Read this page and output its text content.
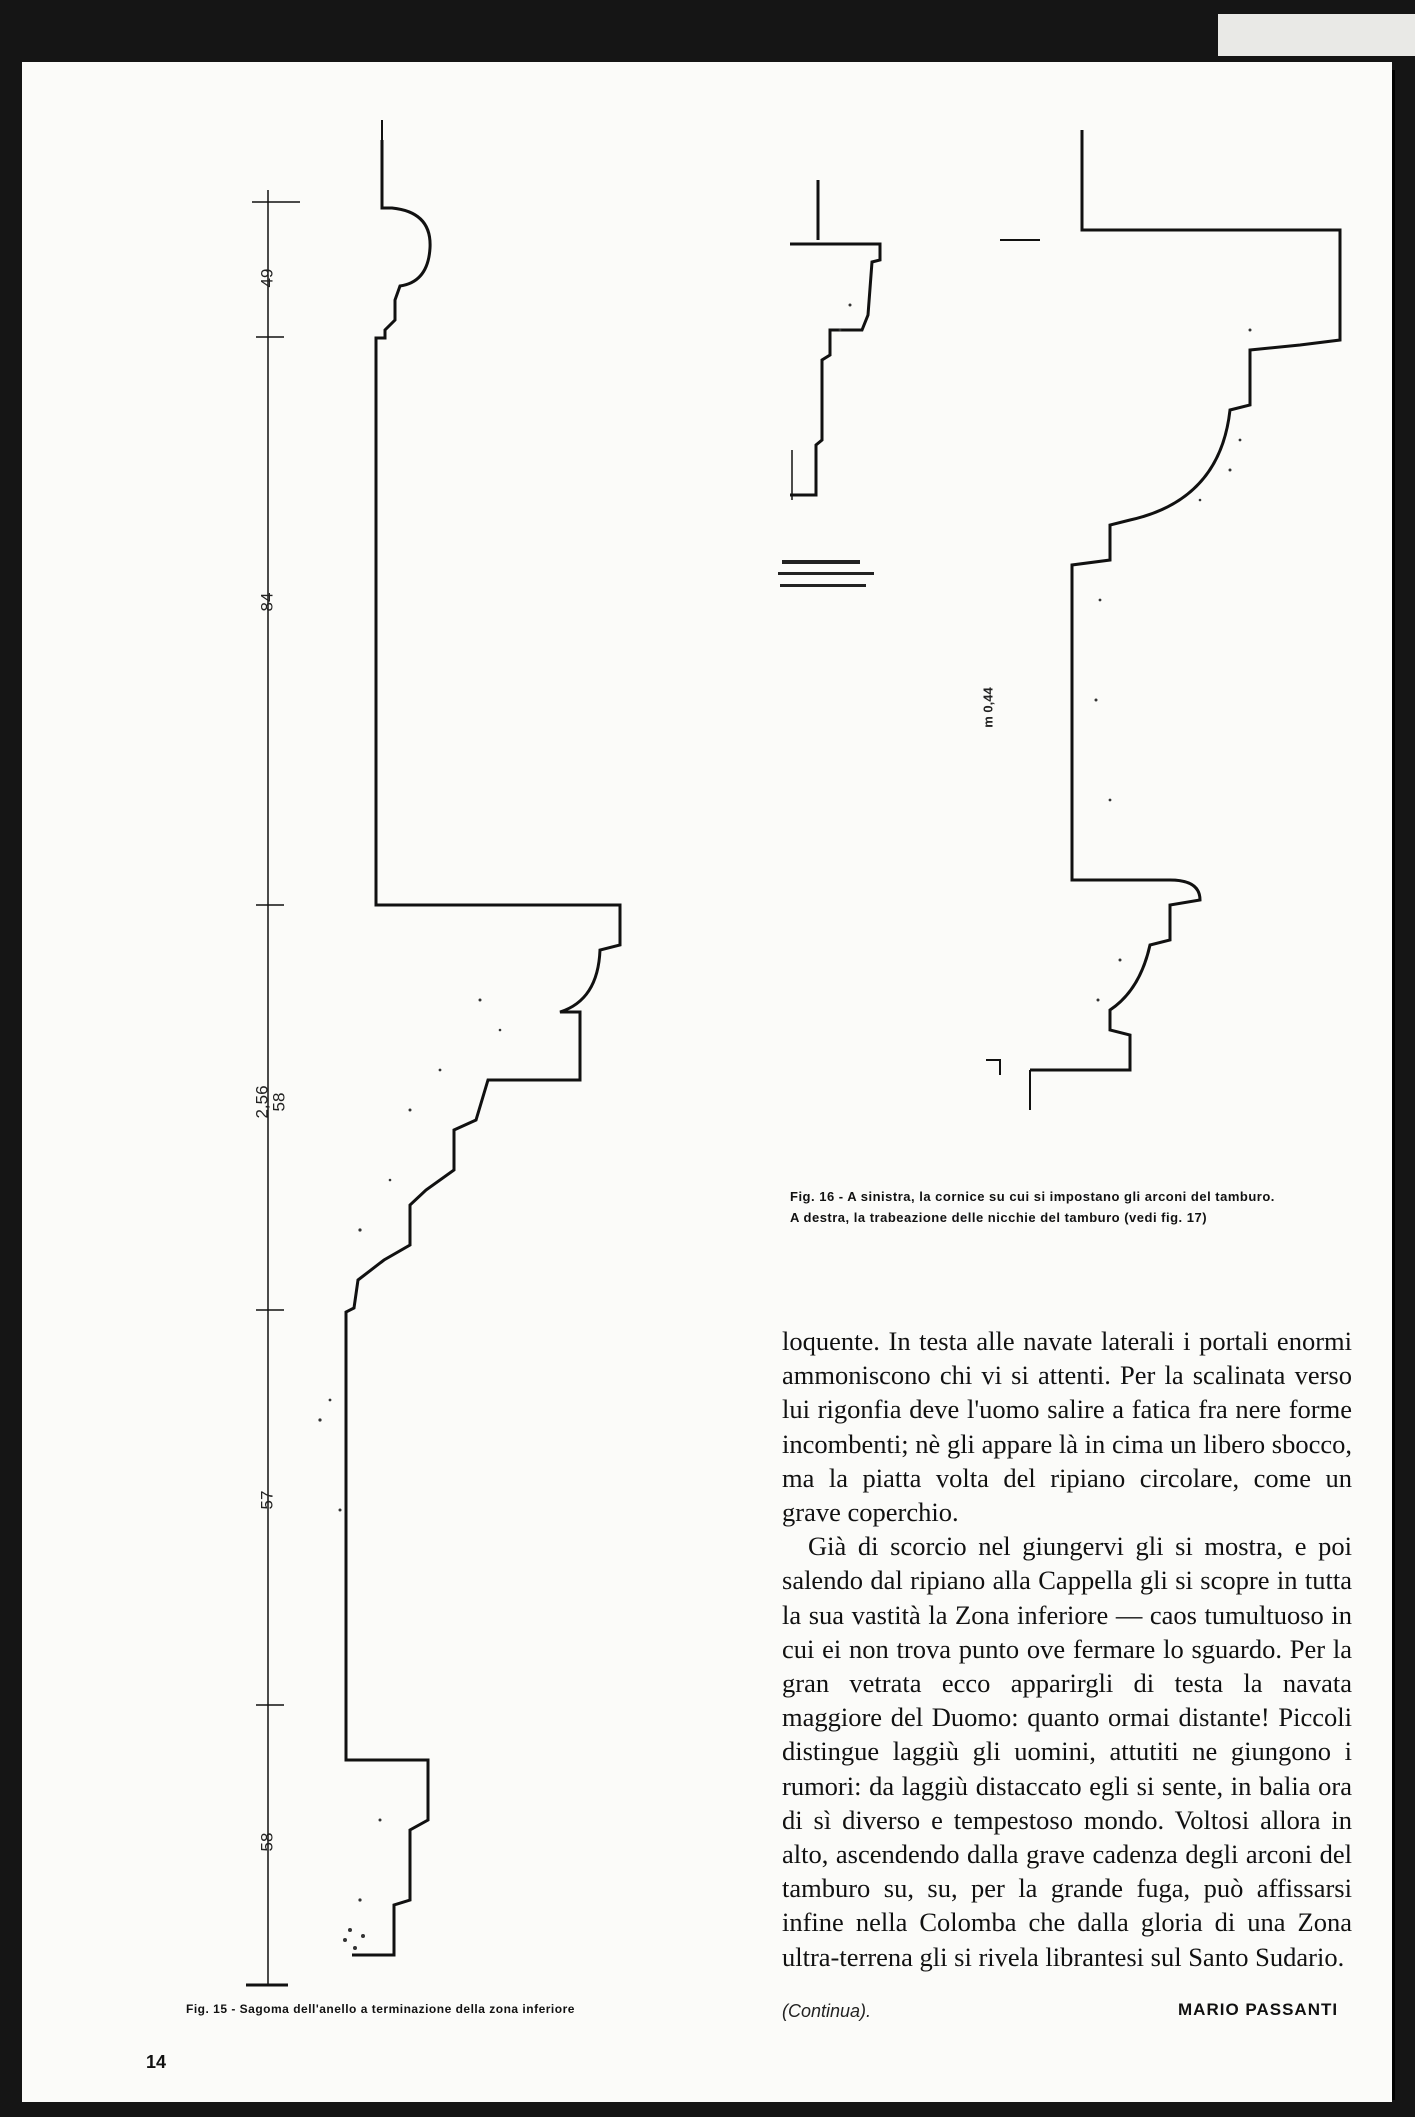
49
84
2,56
58
57
58
m 0,44
Fig. 16 - A sinistra, la cornice su cui si impostano gli arconi del tamburo.
A destra, la trabeazione delle nicchie del tamburo (vedi fig. 17)

loquente. In testa alle navate laterali i portali enormi ammoniscono chi vi si attenti. Per la scalinata verso lui rigonfia deve l'uomo salire a fatica fra nere forme incombenti; nè gli appare là in cima un libero sbocco, ma la piatta volta del ripiano circolare, come un grave coperchio.

Già di scorcio nel giungervi gli si mostra, e poi salendo dal ripiano alla Cappella gli si scopre in tutta la sua vastità la Zona inferiore — caos tumultuoso in cui ei non trova punto ove fermare lo sguardo. Per la gran vetrata ecco apparirgli di testa la navata maggiore del Duomo: quanto ormai distante! Piccoli distingue laggiù gli uomini, attutiti ne giungono i rumori: da laggiù distaccato egli si sente, in balia ora di sì diverso e tempestoso mondo. Voltosi allora in alto, ascendendo dalla grave cadenza degli arconi del tamburo su, su, per la grande fuga, può affissarsi infine nella Colomba che dalla gloria di una Zona ultra-terrena gli si rivela librantesi sul Santo Sudario.

Fig. 15 - Sagoma dell'anello a terminazione della zona inferiore	(Continua).	MARIO PASSANTI
14
